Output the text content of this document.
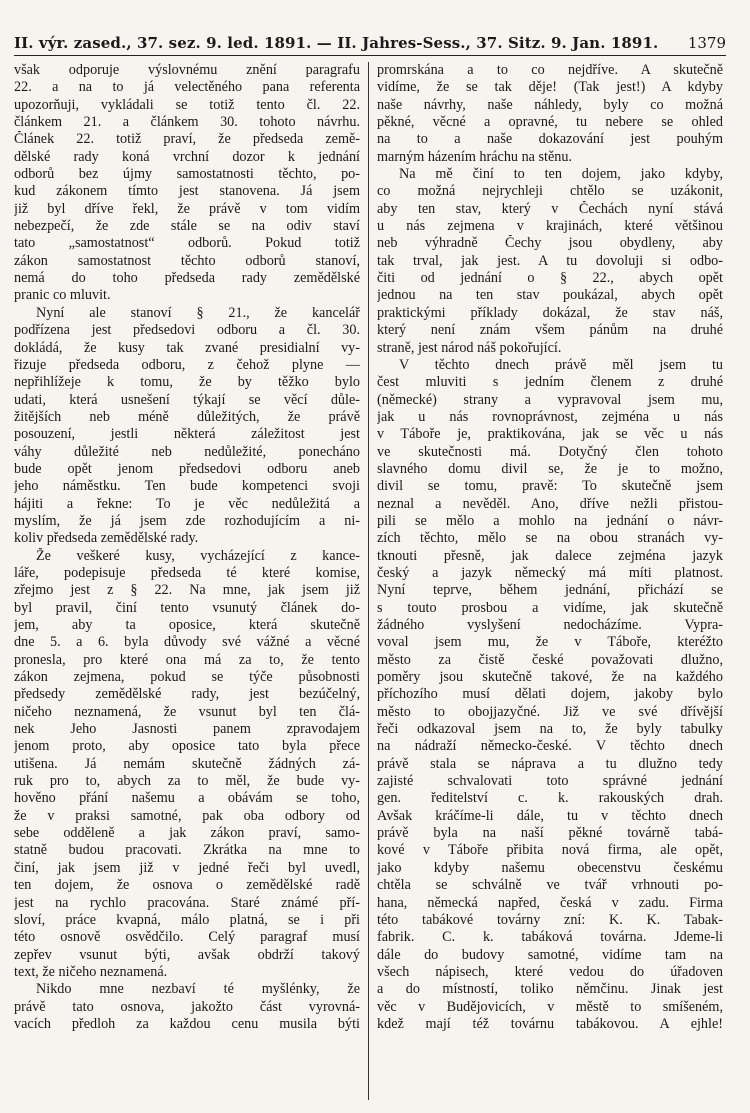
II. výr. zased., 37. sez. 9. led. 1891. — II. Jahres-Sess., 37. Sitz. 9. Jan. 1891. 1379
však odporuje výslovnému znění paragrafu
22. a na to já velectěného pana referenta
upozorňuji, vykládali se totiž tento čl. 22.
článkem 21. a článkem 30. tohoto návrhu.
Článek 22. totiž praví, že předseda země-
dělské rady koná vrchní dozor k jednání
odborů bez újmy samostatnosti těchto, po-
kud zákonem tímto jest stanovena. Já jsem
již byl dříve řekl, že právě v tom vidím
nebezpečí, že zde stále se na odiv staví
tato „samostatnost“ odborů. Pokud totiž
zákon samostatnost těchto odborů stanoví,
nemá do toho předseda rady zemědělské
pranic co mluvit.
Nyní ale stanoví § 21., že kancelář
podřízena jest předsedovi odboru a čl. 30.
dokládá, že kusy tak zvané presidialní vy-
řizuje předseda odboru, z čehož plyne —
nepřihlížeje k tomu, že by těžko bylo
udati, která usnešení týkají se věcí důle-
žitějších neb méně důležitých, že právě
posouzení, jestli některá záležitost jest
váhy důležité neb nedůležité, ponecháno
bude opět jenom předsedovi odboru aneb
jeho náměstku. Ten bude kompetenci svoji
hájiti a řekne: To je věc nedůležitá a
myslím, že já jsem zde rozhodujícím a ni-
koliv předseda zemědělské rady.
Že veškeré kusy, vycházející z kance-
láře, podepisuje předseda té které komise,
zřejmo jest z § 22. Na mne, jak jsem již
byl pravil, činí tento vsunutý článek do-
jem, aby ta oposice, která skutečně
dne 5. a 6. byla důvody své vážné a věcné
pronesla, pro které ona má za to, že tento
zákon zejmena, pokud se týče působnosti
předsedy zemědělské rady, jest bezúčelný,
ničeho neznamená, že vsunut byl ten člá-
nek Jeho Jasnosti panem zpravodajem
jenom proto, aby oposice tato byla přece
utišena. Já nemám skutečně žádných zá-
ruk pro to, abych za to měl, že bude vy-
hověno přání našemu a obávám se toho,
že v praksi samotné, pak oba odbory od
sebe odděleně a jak zákon praví, samo-
statně budou pracovati. Zkrátka na mne to
činí, jak jsem již v jedné řeči byl uvedl,
ten dojem, že osnova o zemědělské radě
jest na rychlo pracována. Staré známé pří-
sloví, práce kvapná, málo platná, se i při
této osnově osvědčilo. Celý paragraf musí
zepřev vsunut býti, avšak obdrží takový
text, že ničeho neznamená.
Nikdo mne nezbaví té myšlénky, že
právě tato osnova, jakožto část vyrovná-
vacích předloh za každou cenu musila býti
promrskána a to co nejdříve. A skutečně
vidíme, že se tak děje! (Tak jest!) A kdyby
naše návrhy, naše náhledy, byly co možná
pěkné, věcné a opravné, tu nebere se ohled
na to a naše dokazování jest pouhým
marným házením hráchu na stěnu.
Na mě činí to ten dojem, jako kdyby,
co možná nejrychleji chtělo se uzákonit,
aby ten stav, který v Čechách nyní stává
u nás zejmena v krajinách, které většinou
neb výhradně Čechy jsou obydleny, aby
tak trval, jak jest. A tu dovoluji si odbo-
čiti od jednání o § 22., abych opět
jednou na ten stav poukázal, abych opět
praktickými příklady dokázal, že stav náš,
který není znám všem pánům na druhé
straně, jest národ náš pokořující.
V těchto dnech právě měl jsem tu
čest mluviti s jedním členem z druhé
(německé) strany a vypravoval jsem mu,
jak u nás rovnoprávnost, zejména u nás
v Táboře je, praktikována, jak se věc u nás
ve skutečnosti má. Dotyčný člen tohoto
slavného domu divil se, že je to možno,
divil se tomu, pravě: To skutečně jsem
neznal a nevěděl. Ano, dříve nežli přistou-
pili se mělo a mohlo na jednání o návr-
zích těchto, mělo se na obou stranách vy-
tknouti přesně, jak dalece zejména jazyk
český a jazyk německý má míti platnost.
Nyní teprve, během jednání, přichází se
s touto prosbou a vidíme, jak skutečně
žádného vyslyšení nedocházíme. Vypra-
voval jsem mu, že v Táboře, kteréžto
město za čistě české považovati dlužno,
poměry jsou skutečně takové, že na každého
příchozího musí dělati dojem, jakoby bylo
město to obojjazyčné. Již ve své dřívější
řeči odkazoval jsem na to, že byly tabulky
na nádraží německo-české. V těchto dnech
právě stala se náprava a tu dlužno tedy
zajisté schvalovati toto správné jednání
gen. ředitelství c. k. rakouských drah.
Avšak kráčíme-li dále, tu v těchto dnech
právě byla na naší pěkné továrně tabá-
kové v Táboře přibita nová firma, ale opět,
jako kdyby našemu obecenstvu českému
chtěla se schválně ve tvář vrhnouti po-
hana, německá napřed, česká v zadu. Firma
této tabákové továrny zní: K. K. Tabak-
fabrik. C. k. tabáková továrna. Jdeme-li
dále do budovy samotné, vidíme tam na
všech nápisech, které vedou do úřadoven
a do místností, toliko němčinu. Jinak jest
věc v Budějovicích, v městě to smíšeném,
kdež mají též továrnu tabákovou. A ejhle!
